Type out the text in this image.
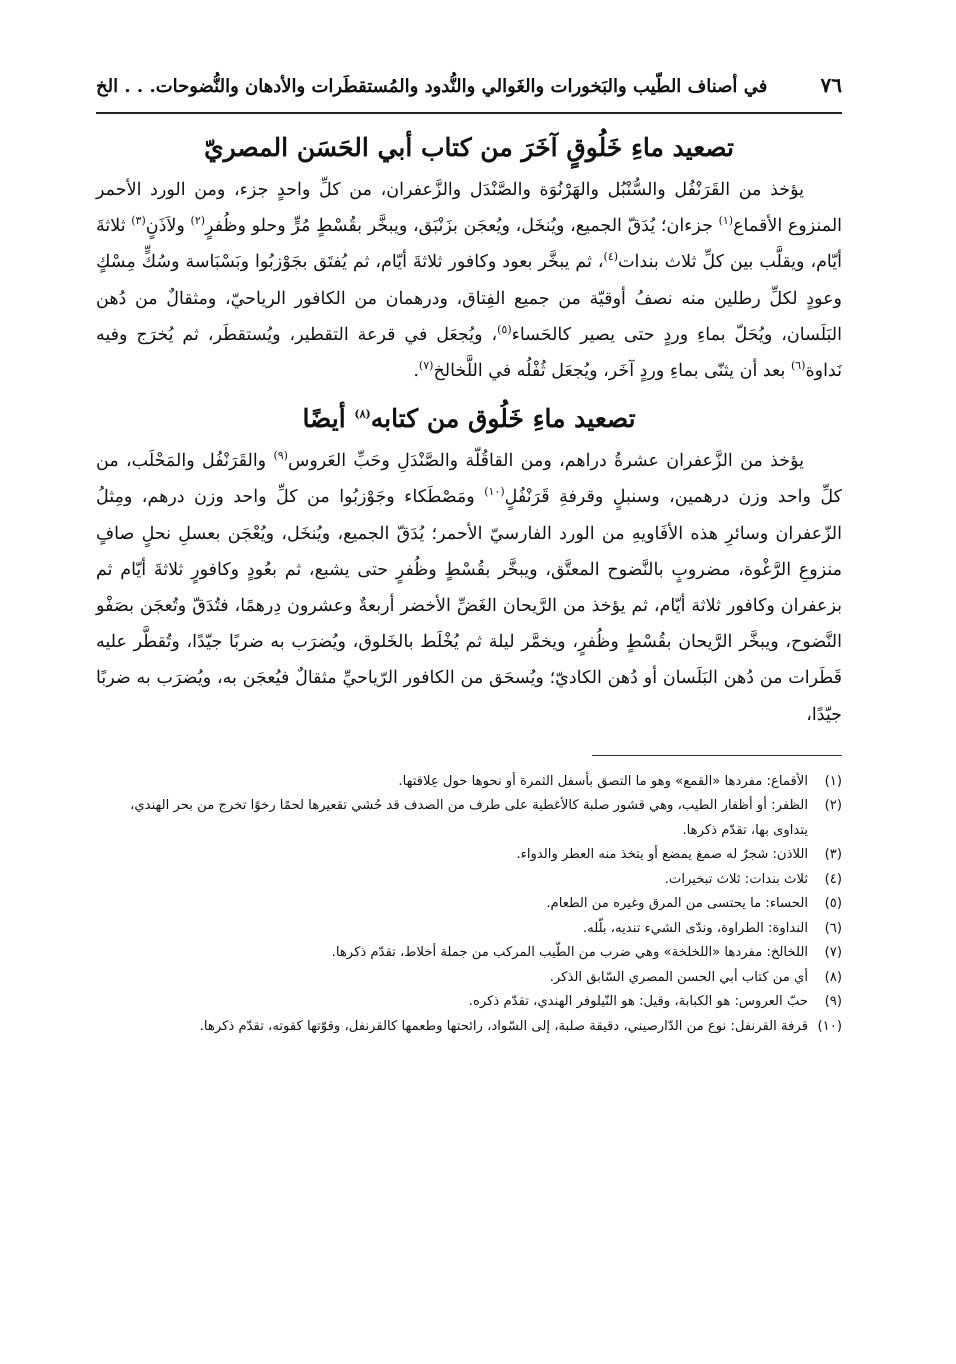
٧٦
في أصناف الطّيب والبَخورات والغَوالي والنُّدود والمُستقطَرات والأدهان والنُّضوحات. . . الخ
تصعيد ماءِ خَلُوقٍ آخَرَ من كتاب أبي الحَسَن المصريّ

يؤخذ من القَرَنْفُل والسُّنْبُل والهَرْنُوَة والصَّنْدَل والزَّعفران، من كلِّ واحدٍ جزء، ومن الورد الأحمر المنزوع الأقماع$^{(١)}$ جزءان؛ يُدَقّ الجميع، ويُنخَل، ويُعجَن بزَنْبَق، ويبخَّر بقُسْطٍ مُرٍّ وحلو وظُفرٍ$^{(٢)}$ ولاَذَنٍ$^{(٣)}$ ثلاثةَ أيّام، ويقلَّب بين كلِّ ثلاث بندات$^{(٤)}$، ثم يبخَّر بعود وكافور ثلاثةَ أيّام، ثم يُفتَق بجَوْزبُوا وبَسْبَاسة وسُكٍّ مِسْكٍ وعودٍ لكلِّ رطلين منه نصفُ أوقيّة من جميع الفِتاق، ودرهمان من الكافور الرياحيّ، ومثقالٌ من دُهن البَلَسان، ويُحَلّ بماءِ وردٍ حتى يصير كالحَساء$^{(٥)}$، ويُجعَل في قرعة التقطير، ويُستقطَر، ثم يُخرَج وفيه نَداوة$^{(٦)}$ بعد أن يثنّى بماءِ وردٍ آخَر، ويُجعَل ثُفْلُه في اللَّخالخ$^{(٧)}$.

تصعيد ماءِ خَلُوق من كتابه$^{(٨)}$ أيضًا

يؤخذ من الزَّعفران عشرةُ دراهم، ومن القاقُلّة والصَّنْدَلِ وحَبِّ العَروس$^{(٩)}$ والقَرَنْفُل والمَحْلَب، من كلِّ واحد وزن درهمين، وسنبلٍ وقرفةِ قَرَنْفُلٍ$^{(١٠)}$ ومَصْطَكاء وجَوْزبُوا من كلِّ واحد وزن درهم، ومِثلُ الزّعفران وسائرِ هذه الأفَاويهِ من الورد الفارسيّ الأحمر؛ يُدَقّ الجميع، ويُنخَل، ويُعْجَن بعسلِ نحلٍ صافٍ منزوعِ الرَّغْوة، مضروبٍ بالنَّضوح المعتَّق، ويبخَّر بقُسْطٍ وظُفرٍ حتى يشبع، ثم بعُودٍ وكافورٍ ثلاثةَ أيّام ثم بزعفران وكافور ثلاثة أيّام، ثم يؤخذ من الرَّيحان الغَضِّ الأخضر أربعةٌ وعشرون دِرهمًا، فتُدَقّ وتُعجَن بصَفْو النَّضوح، ويبخَّر الرَّيحان بقُسْطٍ وظُفرٍ، ويخمَّر ليلة ثم يُخْلَط بالخَلوق، ويُضرَب به ضربًا جيّدًا، وتُقطَّر عليه قَطَرات من دُهن البَلَسان أو دُهن الكاديّ؛ ويُسحَق من الكافور الرّياحيِّ مثقالٌ فيُعجَن به، ويُضرَب به ضربًا جيّدًا،

(١)
الأقماع: مفردها «القمع» وهو ما التصق بأسفل الثمرة أو نحوها حول عِلاقتها.
(٢)
الظفر: أو أظفار الطيب، وهي قشور صلبة كالأغطية على طرف من الصدف قد حُشي تقعيرها لحمًا رخوًا تخرج من بحر الهندي، يتداوى بها، تقدّم ذكرها.
(٣)
اللاذن: شجرٌ له صمغ يمضع أو يتخذ منه العطر والدواء.
(٤)
ثلاث بندات: ثلاث تبخيرات.
(٥)
الحساء: ما يحتسى من المرق وغيره من الطعام.
(٦)
النداوة: الطراوة، وندّى الشيء تنديه، بلّله.
(٧)
اللخالخ: مفردها «اللخلخة» وهي ضرب من الطّيب المركب من جملة أخلاط، تقدّم ذكرها.
(٨)
أي من كتاب أبي الحسن المصري السّابق الذكر.
(٩)
حبّ العروس: هو الكبابة، وقيل: هو النّيلوفر الهندي، تقدّم ذكره.
(١٠)
قرفة القرنفل: نوع من الدّارصيني، دقيقة صلبة، إلى السّواد، رائحتها وطعمها كالقرنفل، وقوّتها كقوته، تقدّم ذكرها.
